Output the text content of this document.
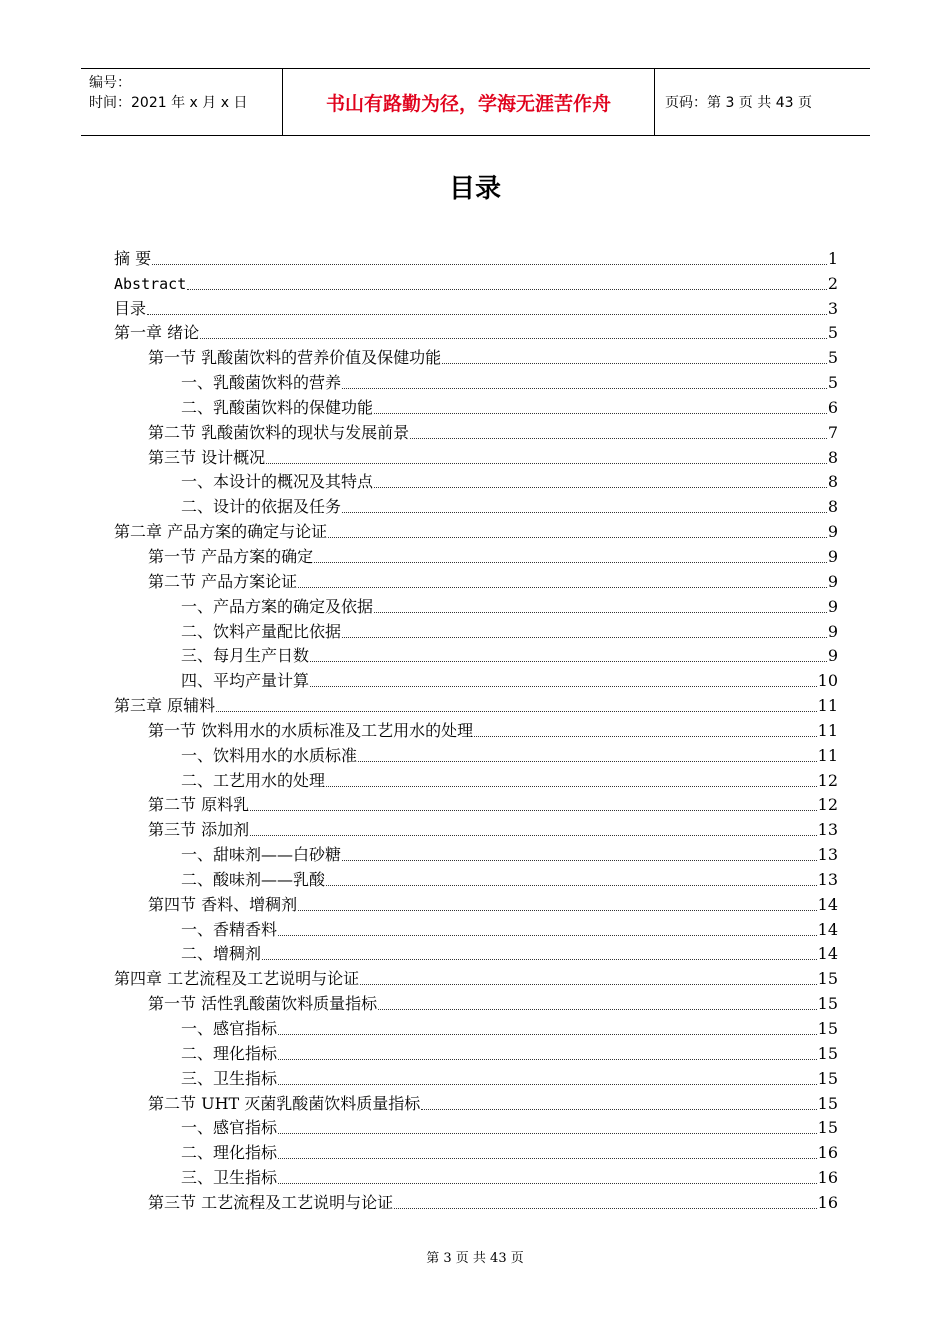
编号：
时间：2021 年 x 月 x 日	书山有路勤为径，学海无涯苦作舟	页码：第 3 页 共 43 页
目录
摘 要	1
Abstract	2
目录	3
第一章 绪论	5
第一节 乳酸菌饮料的营养价值及保健功能	5
一、乳酸菌饮料的营养	5
二、乳酸菌饮料的保健功能	6
第二节 乳酸菌饮料的现状与发展前景	7
第三节 设计概况	8
一、本设计的概况及其特点	8
二、设计的依据及任务	8
第二章 产品方案的确定与论证	9
第一节 产品方案的确定	9
第二节 产品方案论证	9
一、产品方案的确定及依据	9
二、饮料产量配比依据	9
三、每月生产日数	9
四、平均产量计算	10
第三章 原辅料	11
第一节 饮料用水的水质标准及工艺用水的处理	11
一、饮料用水的水质标准	11
二、工艺用水的处理	12
第二节 原料乳	12
第三节 添加剂	13
一、甜味剂——白砂糖	13
二、酸味剂——乳酸	13
第四节 香料、增稠剂	14
一、香精香料	14
二、增稠剂	14
第四章 工艺流程及工艺说明与论证	15
第一节 活性乳酸菌饮料质量指标	15
一、感官指标	15
二、理化指标	15
三、卫生指标	15
第二节 UHT 灭菌乳酸菌饮料质量指标	15
一、感官指标	15
二、理化指标	16
三、卫生指标	16
第三节 工艺流程及工艺说明与论证	16
第 3 页 共 43 页
